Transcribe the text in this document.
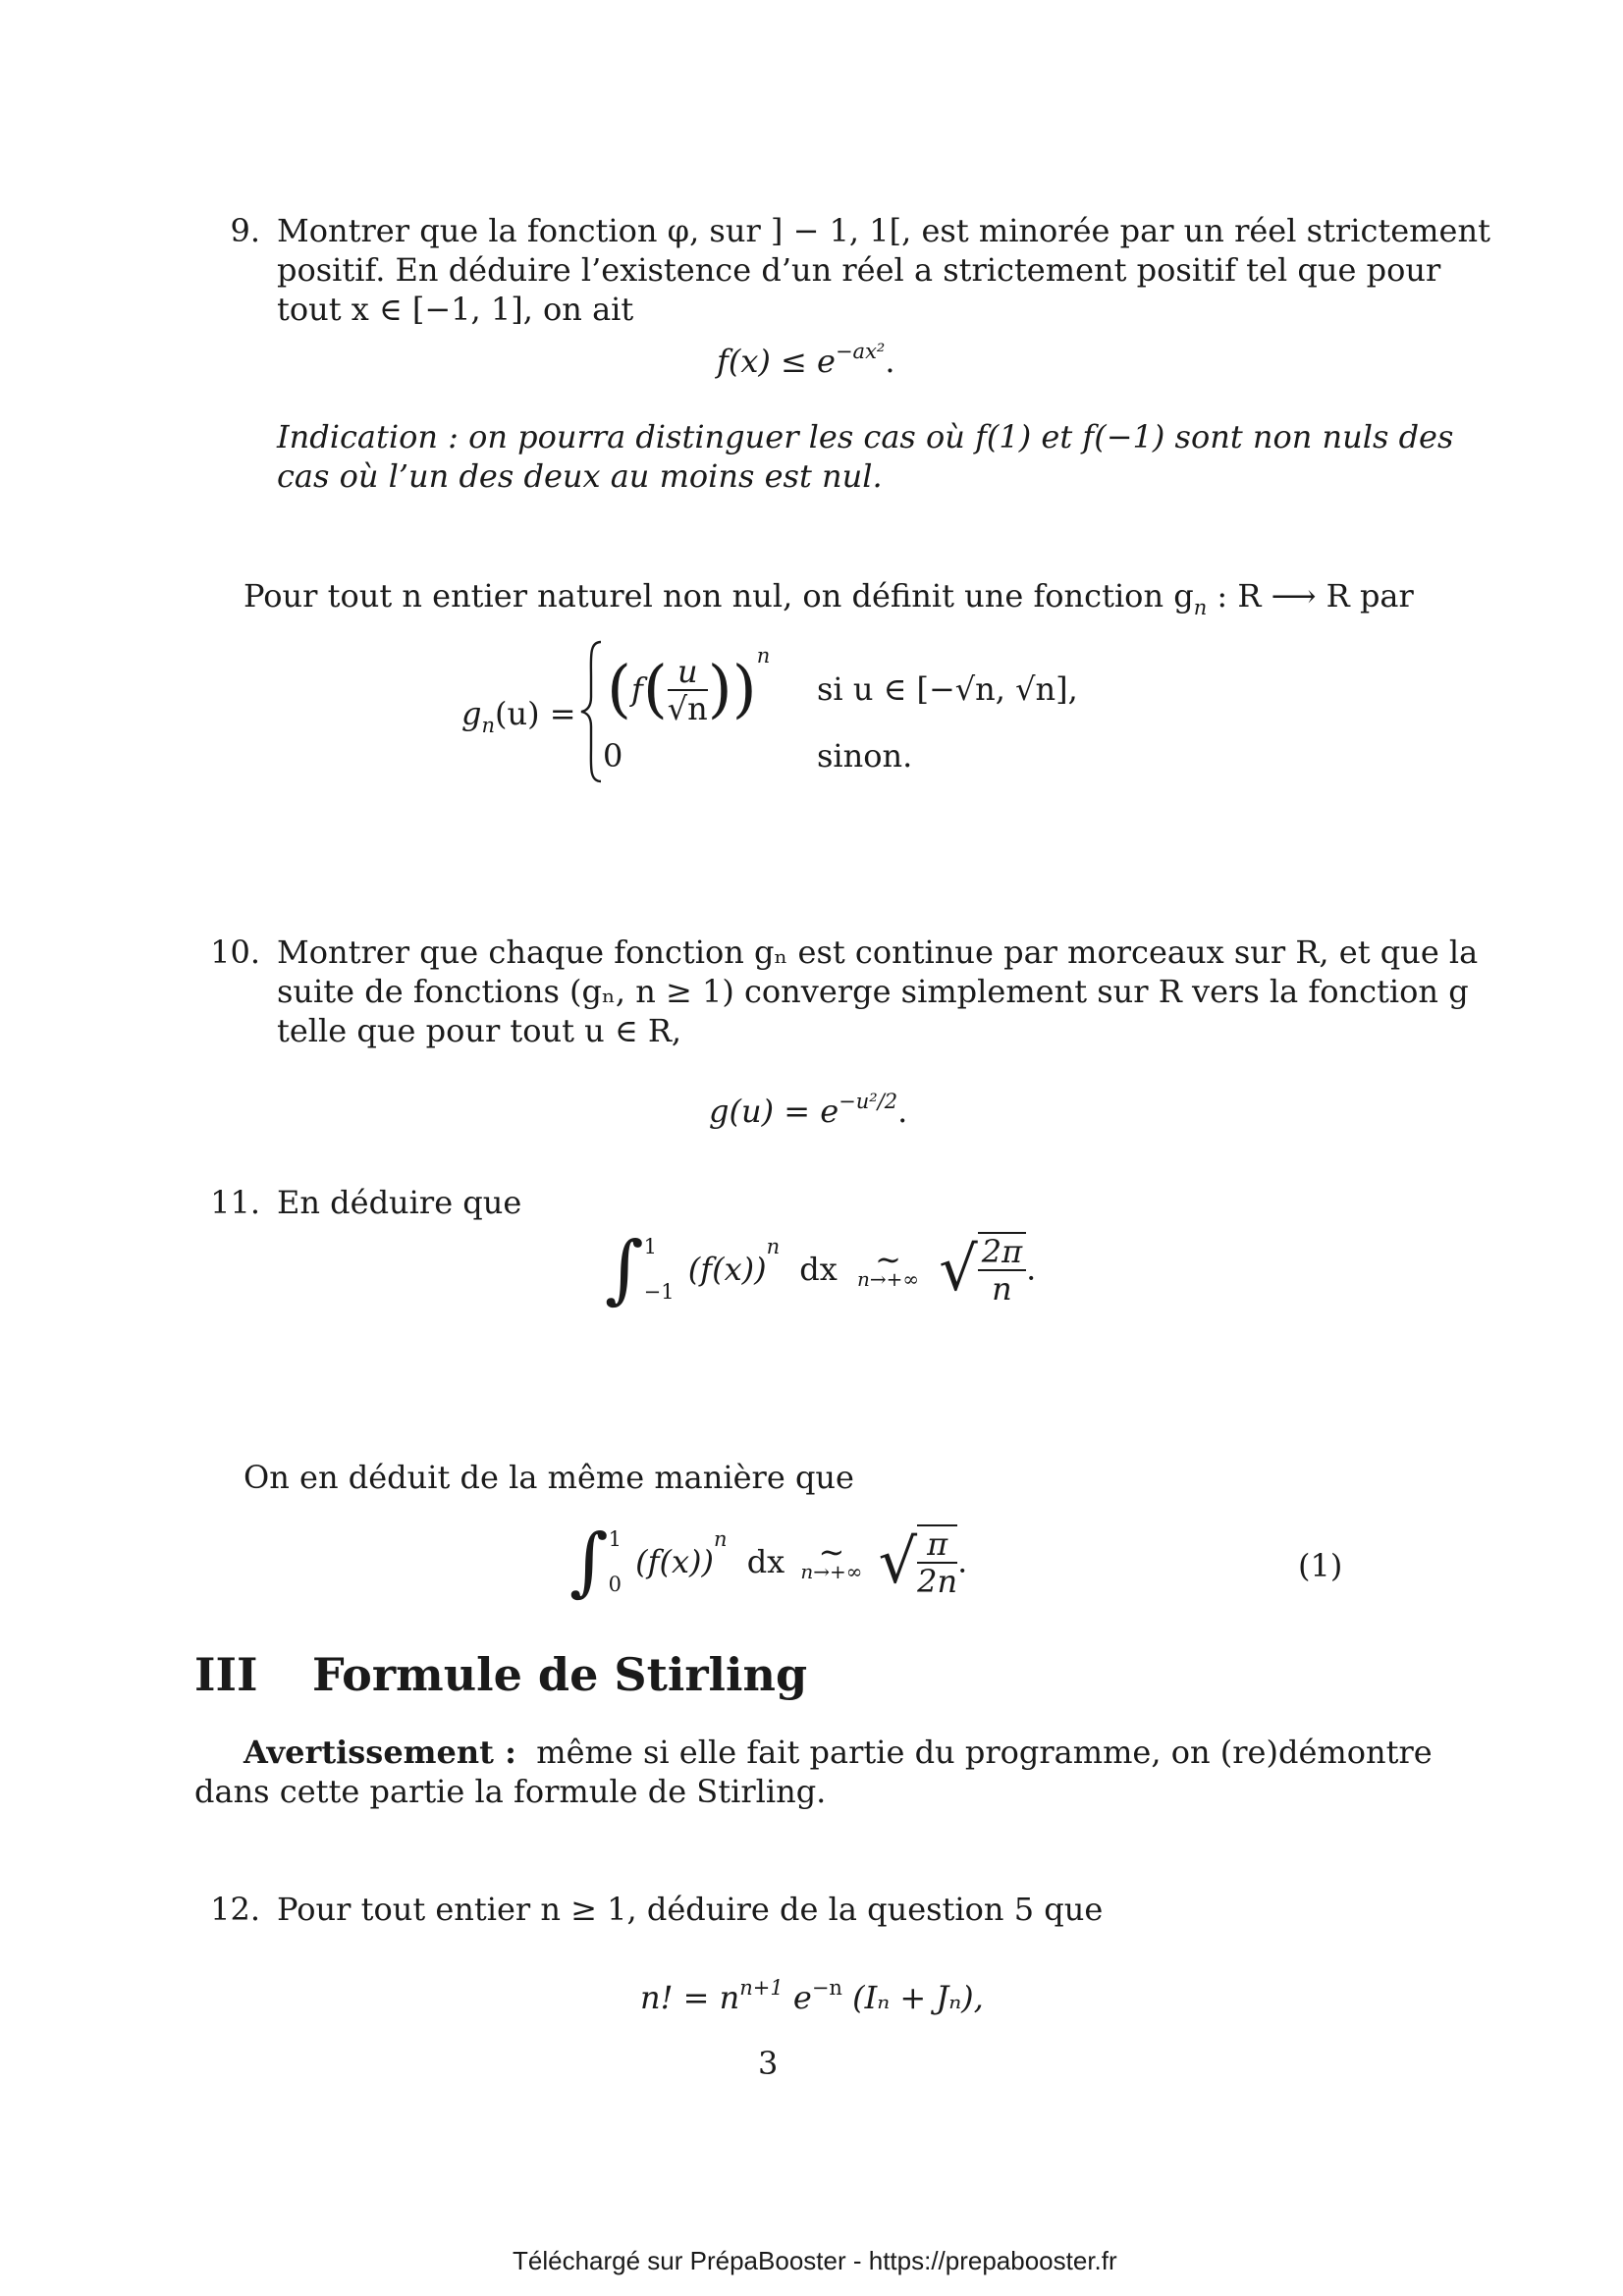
9. Montrer que la fonction φ, sur ] − 1, 1[, est minorée par un réel strictement
positif. En déduire l’existence d’un réel a strictement positif tel que pour
tout x ∈ [−1, 1], on ait
$f(x) \le e^{-ax^2}$.
Indication : on pourra distinguer les cas où f(1) et f(−1) sont non nuls des
cas où l’un des deux au moins est nul.
Pour tout n entier naturel non nul, on définit une fonction $g_n$ : R ⟶ R par
$g_n(u) = (f( \frac{u}{√n} ))^n$
si u ∈ [−√n, √n],
0	sinon.
10. Montrer que chaque fonction gₙ est continue par morceaux sur R, et que la
suite de fonctions (gₙ, n ≥ 1) converge simplement sur R vers la fonction g
telle que pour tout u ∈ R,
$g(u) = e^{-u^2/2}$.
11. En déduire que
∫ 1
−1
$(f(x))^n$ dx	∼
n→+∞ √ $\frac{2\pi}{n}$ .
On en déduit de la même manière que
∫ 1
0
$(f(x))^n$ dx	∼
n→+∞ √ $\frac{\pi}{2n}$ .	(1)
III Formule de Stirling
Avertissement : même si elle fait partie du programme, on (re)démontre
dans cette partie la formule de Stirling.
12. Pour tout entier n ≥ 1, déduire de la question 5 que
n! = $n^{n+1}$ $e^{-n}$ (Iₙ + Jₙ),
3
Téléchargé sur PrépaBooster - https://prepabooster.fr
